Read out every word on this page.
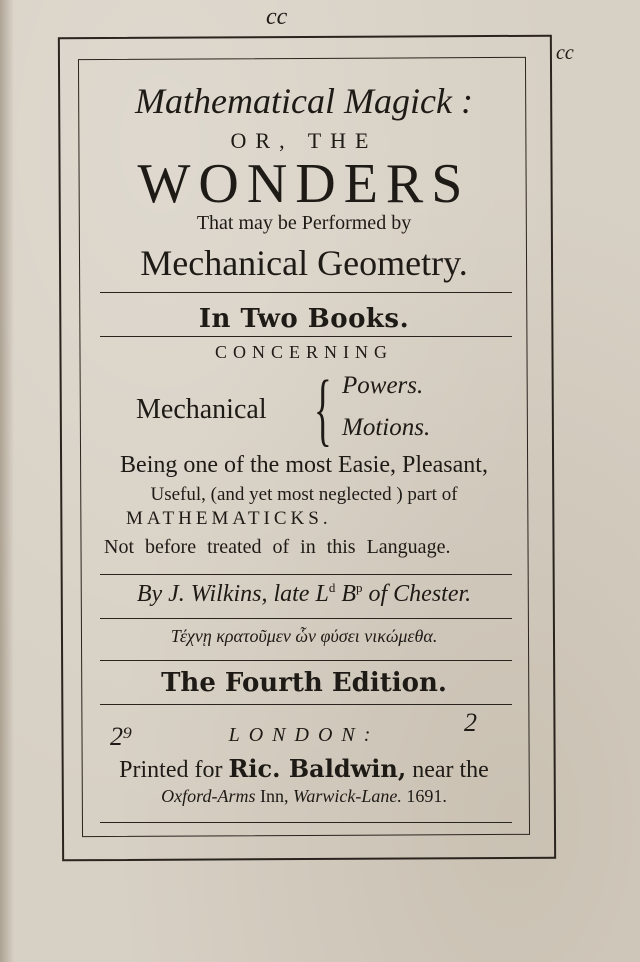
cc
cc
Mathematical Magick :
OR, THE
WONDERS
That may be Performed by
Mechanical Geometry.
In Two Books.
CONCERNING
Mechanical { Powers.
Motions.
Being one of the most Easie, Pleasant,
Useful, (and yet most neglected ) part of
MATHEMATICKS.
Not before treated of in this Language.
By J. Wilkins, late $L^d$ $B^p$ of Chester.
Τέχνῃ κρατοῦμεν ὧν φύσει νικώμεθα.
The Fourth Edition.
2⁹	2
LONDON:
Printed for Ric. Baldwin, near the
Oxford-Arms Inn, Warwick-Lane. 1691.
